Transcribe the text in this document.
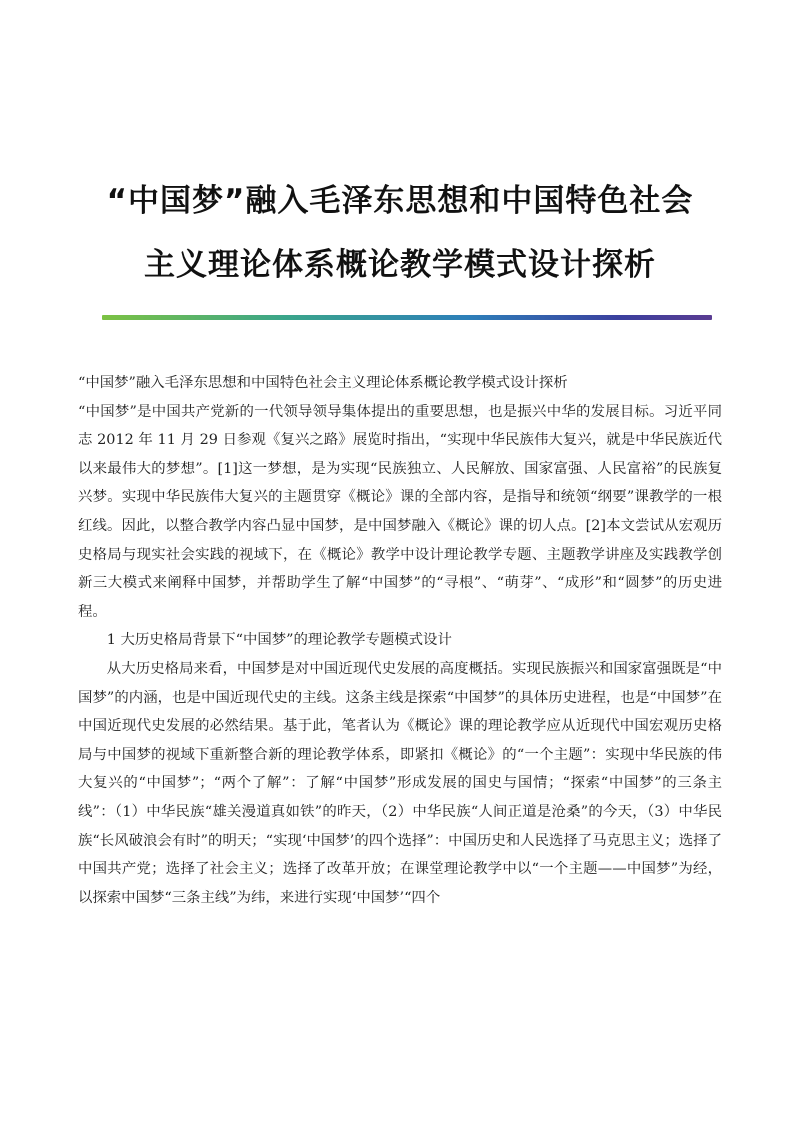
“中国梦”融入毛泽东思想和中国特色社会
主义理论体系概论教学模式设计探析

“中国梦”融入毛泽东思想和中国特色社会主义理论体系概论教学模式设计探析

“中国梦”是中国共产党新的一代领导领导集体提出的重要思想，也是振兴中华的发展目标。习近平同志 2012 年 11 月 29 日参观《复兴之路》展览时指出，“实现中华民族伟大复兴，就是中华民族近代以来最伟大的梦想”。[1]这一梦想，是为实现“民族独立、人民解放、国家富强、人民富裕”的民族复兴梦。实现中华民族伟大复兴的主题贯穿《概论》课的全部内容，是指导和统领“纲要”课教学的一根红线。因此，以整合教学内容凸显中国梦，是中国梦融入《概论》课的切人点。[2]本文尝试从宏观历史格局与现实社会实践的视域下，在《概论》教学中设计理论教学专题、主题教学讲座及实践教学创新三大模式来阐释中国梦，并帮助学生了解“中国梦”的“寻根”、“萌芽”、“成形”和“圆梦”的历史进程。

1 大历史格局背景下“中国梦”的理论教学专题模式设计

从大历史格局来看，中国梦是对中国近现代史发展的高度概括。实现民族振兴和国家富强既是“中国梦”的内涵，也是中国近现代史的主线。这条主线是探索“中国梦”的具体历史进程，也是“中国梦”在中国近现代史发展的必然结果。基于此，笔者认为《概论》课的理论教学应从近现代中国宏观历史格局与中国梦的视域下重新整合新的理论教学体系，即紧扣《概论》的“一个主题”：实现中华民族的伟大复兴的“中国梦”；“两个了解”：了解“中国梦”形成发展的国史与国情；“探索“中国梦”的三条主线”：（1）中华民族“雄关漫道真如铁”的昨天，（2）中华民族“人间正道是沧桑”的今天，（3）中华民族“长风破浪会有时”的明天；“实现‘中国梦’的四个选择”：中国历史和人民选择了马克思主义；选择了中国共产党；选择了社会主义；选择了改革开放；在课堂理论教学中以“一个主题——中国梦”为经，以探索中国梦“三条主线”为纬，来进行实现‘中国梦’“四个
